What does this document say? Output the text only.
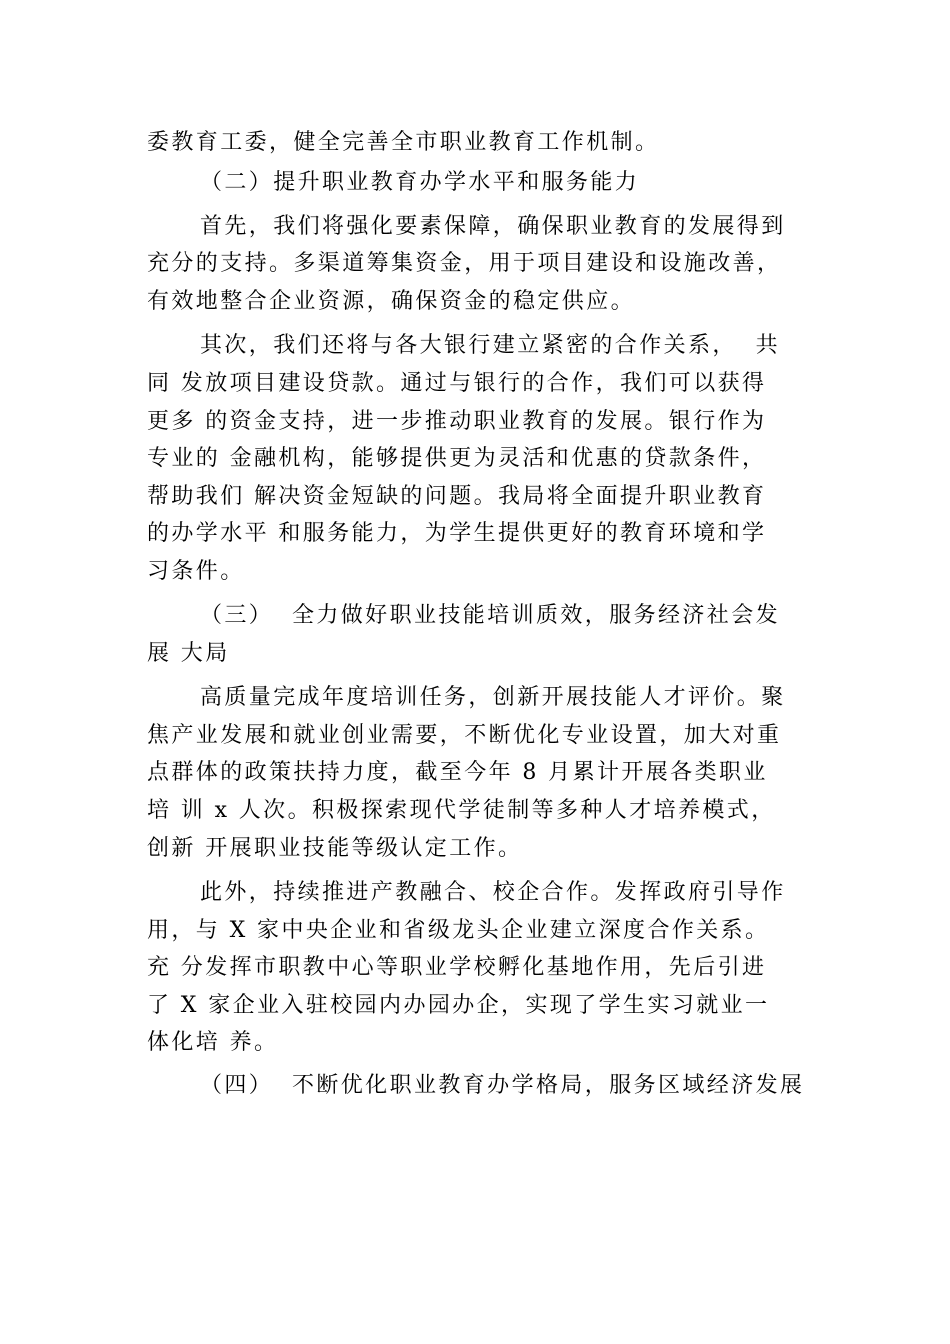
委教育工委，健全完善全市职业教育工作机制。
（二）提升职业教育办学水平和服务能力
首先，我们将强化要素保障，确保职业教育的发展得到
充分的支持。多渠道筹集资金，用于项目建设和设施改善，
有效地整合企业资源，确保资金的稳定供应。
其次，我们还将与各大银行建立紧密的合作关系，  共
同 发放项目建设贷款。通过与银行的合作，我们可以获得
更多 的资金支持，进一步推动职业教育的发展。银行作为
专业的 金融机构，能够提供更为灵活和优惠的贷款条件，
帮助我们 解决资金短缺的问题。我局将全面提升职业教育
的办学水平 和服务能力，为学生提供更好的教育环境和学
习条件。
（三）  全力做好职业技能培训质效，服务经济社会发
展 大局
高质量完成年度培训任务，创新开展技能人才评价。聚
焦产业发展和就业创业需要，不断优化专业设置，加大对重
点群体的政策扶持力度，截至今年 8 月累计开展各类职业
培 训 x 人次。积极探索现代学徒制等多种人才培养模式，
创新 开展职业技能等级认定工作。
此外，持续推进产教融合、校企合作。发挥政府引导作
用，与 X 家中央企业和省级龙头企业建立深度合作关系。
充 分发挥市职教中心等职业学校孵化基地作用，先后引进
了 X 家企业入驻校园内办园办企，实现了学生实习就业一
体化培 养。
（四）  不断优化职业教育办学格局，服务区域经济发展
